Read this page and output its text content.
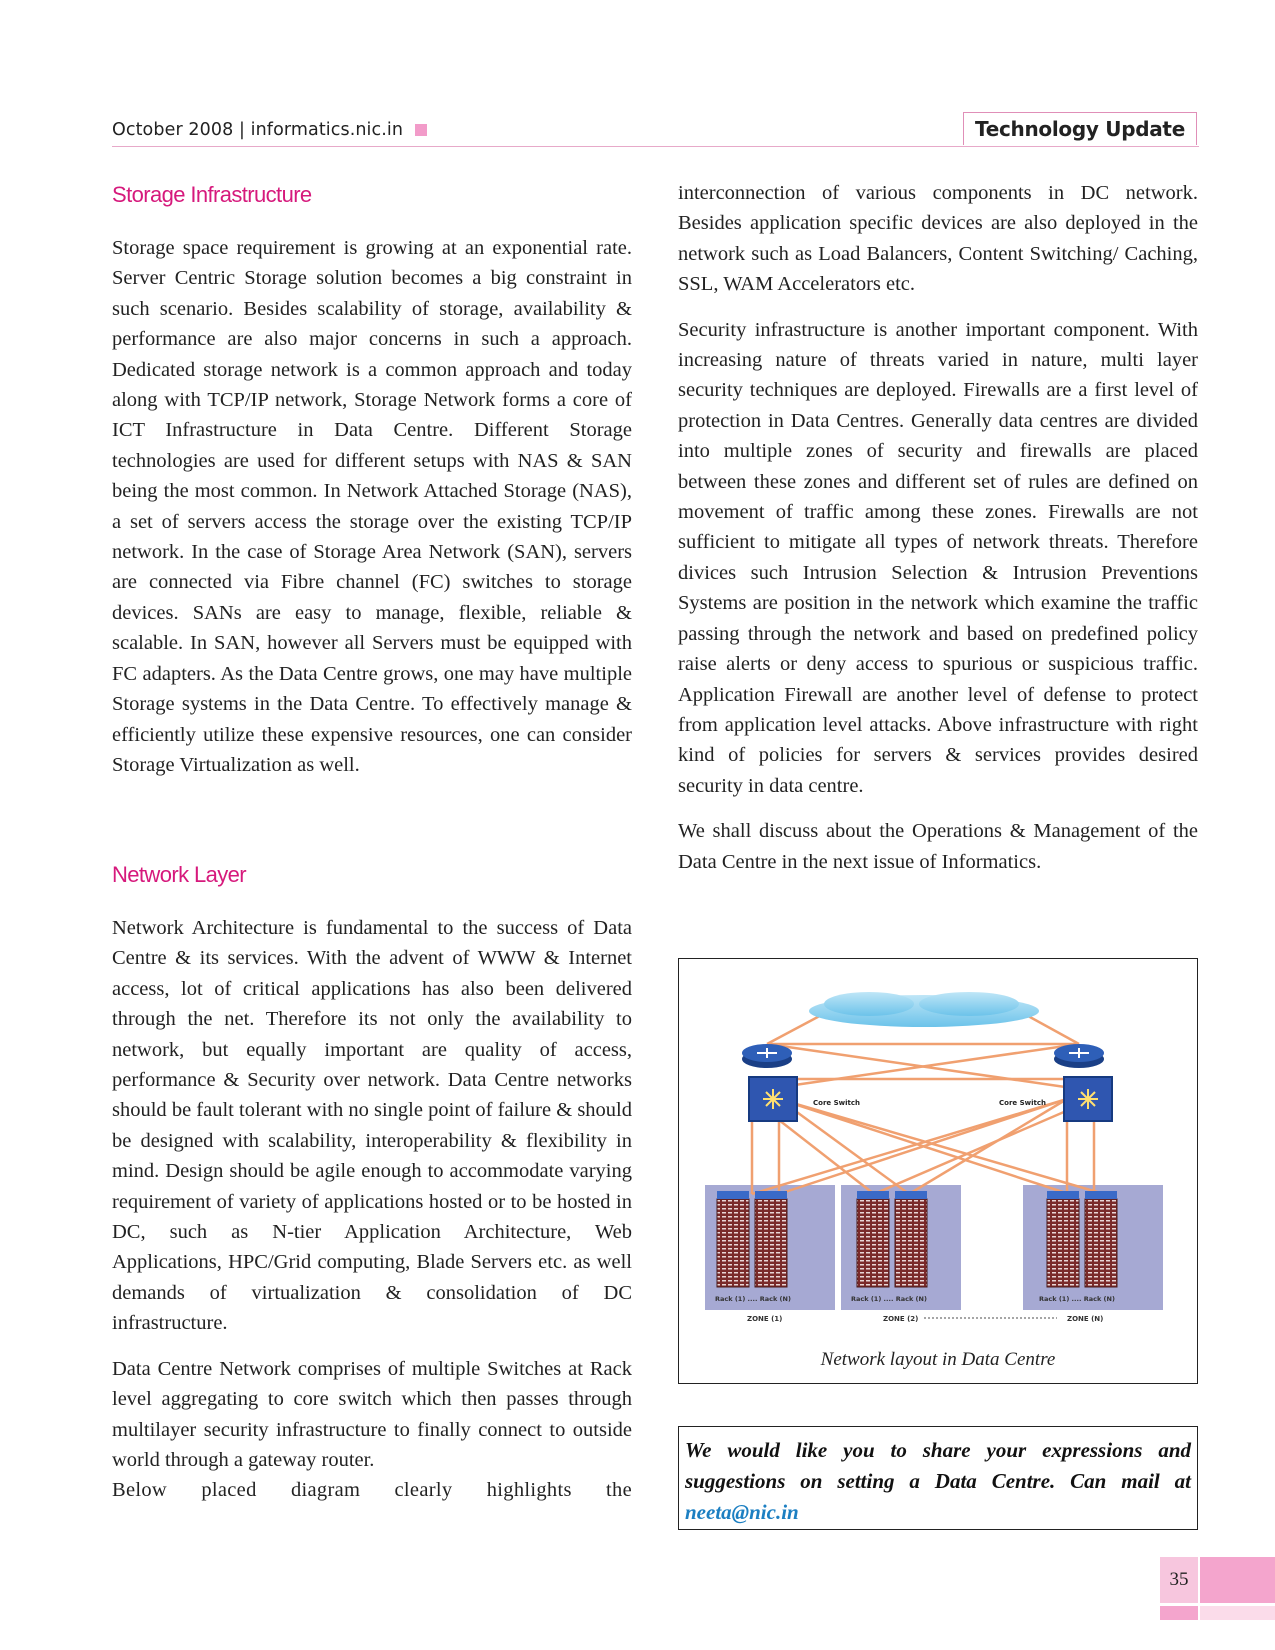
October 2008 | informatics.nic.in	Technology Update
Storage Infrastructure

Storage space requirement is growing at an exponential rate. Server Centric Storage solution becomes a big constraint in such scenario. Besides scalability of storage, availability & performance are also major concerns in such a approach. Dedicated storage network is a common approach and today along with TCP/IP network, Storage Network forms a core of ICT Infrastructure in Data Centre. Different Storage technologies are used for different setups with NAS & SAN being the most common. In Network Attached Storage (NAS), a set of servers access the storage over the existing TCP/IP network. In the case of Storage Area Network (SAN), servers are connected via Fibre channel (FC) switches to storage devices. SANs are easy to manage, flexible, reliable & scalable. In SAN, however all Servers must be equipped with FC adapters. As the Data Centre grows, one may have multiple Storage systems in the Data Centre. To effectively manage & efficiently utilize these expensive resources, one can consider Storage Virtualization as well.

Network Layer

Network Architecture is fundamental to the success of Data Centre & its services. With the advent of WWW & Internet access, lot of critical applications has also been delivered through the net. Therefore its not only the availability to network, but equally important are quality of access, performance & Security over network. Data Centre networks should be fault tolerant with no single point of failure & should be designed with scalability, interoperability & flexibility in mind. Design should be agile enough to accommodate varying requirement of variety of applications hosted or to be hosted in DC, such as N-tier Application Architecture, Web Applications, HPC/Grid computing, Blade Servers etc. as well demands of virtualization & consolidation of DC infrastructure.

Data Centre Network comprises of multiple Switches at Rack level aggregating to core switch which then passes through multilayer security infrastructure to finally connect to outside world through a gateway router.

Below placed diagram clearly highlights the

interconnection of various components in DC network. Besides application specific devices are also deployed in the network such as Load Balancers, Content Switching/ Caching, SSL, WAM Accelerators etc.

Security infrastructure is another important component. With increasing nature of threats varied in nature, multi layer security techniques are deployed. Firewalls are a first level of protection in Data Centres. Generally data centres are divided into multiple zones of security and firewalls are placed between these zones and different set of rules are defined on movement of traffic among these zones. Firewalls are not sufficient to mitigate all types of network threats. Therefore divices such Intrusion Selection & Intrusion Preventions Systems are position in the network which examine the traffic passing through the network and based on predefined policy raise alerts or deny access to spurious or suspicious traffic. Application Firewall are another level of defense to protect from application level attacks. Above infrastructure with right kind of policies for servers & services provides desired security in data centre.

We shall discuss about the Operations & Management of the Data Centre in the next issue of Informatics.

Core Switch	Core Switch
Rack (1) .... Rack (N)	Rack (1) .... Rack (N)	Rack (1) .... Rack (N)
ZONE (1)	ZONE (2)	ZONE (N)
Network layout in Data Centre
We would like you to share your expressions and suggestions on setting a Data Centre. Can mail at neeta@nic.in
35
